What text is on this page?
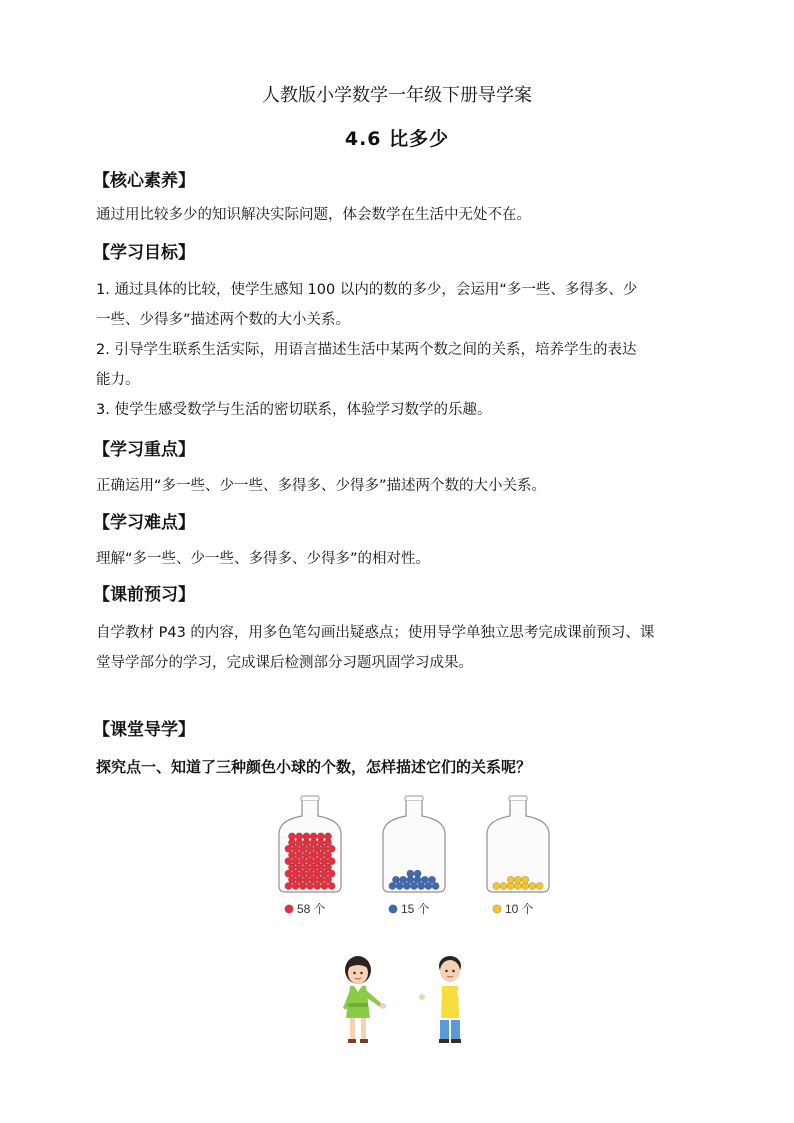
人教版小学数学一年级下册导学案
4.6 比多少
【核心素养】
通过用比较多少的知识解决实际问题，体会数学在生活中无处不在。
【学习目标】
1. 通过具体的比较，使学生感知 100 以内的数的多少，会运用“多一些、多得多、少
一些、少得多”描述两个数的大小关系。
2. 引导学生联系生活实际，用语言描述生活中某两个数之间的关系，培养学生的表达
能力。
3. 使学生感受数学与生活的密切联系，体验学习数学的乐趣。
【学习重点】
正确运用“多一些、少一些、多得多、少得多”描述两个数的大小关系。
【学习难点】
理解“多一些、少一些、多得多、少得多”的相对性。
【课前预习】
自学教材 P43 的内容，用多色笔勾画出疑惑点；使用导学单独立思考完成课前预习、课
堂导学部分的学习，完成课后检测部分习题巩固学习成果。
【课堂导学】
探究点一、知道了三种颜色小球的个数，怎样描述它们的关系呢？
58 个	15 个	10 个
